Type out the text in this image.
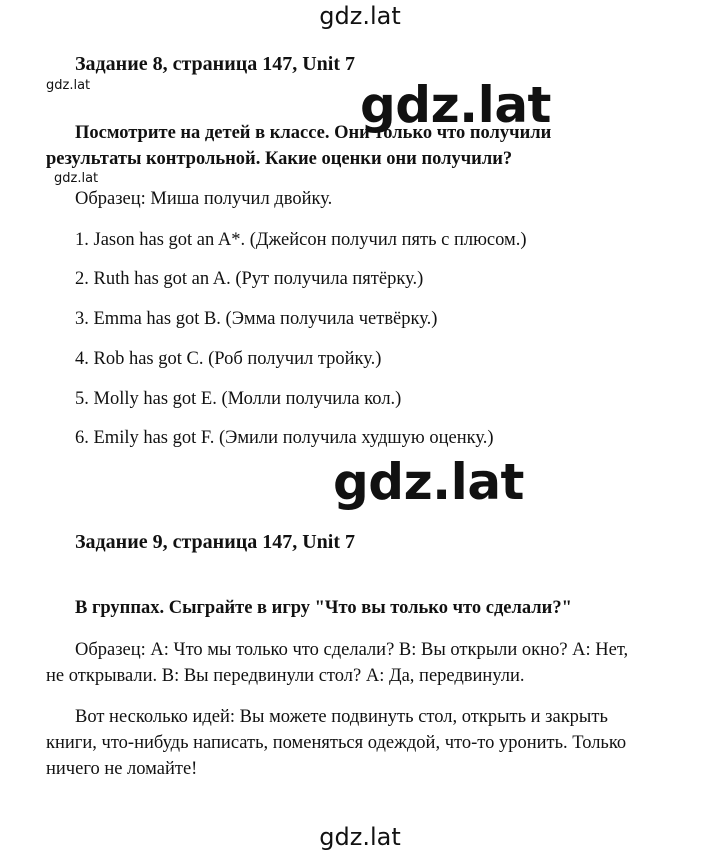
gdz.lat
Задание 8, страница 147, Unit 7
gdz.lat	gdz.lat
Посмотрите на детей в классе. Они только что получили
результаты контрольной. Какие оценки они получили?
gdz.lat
Образец: Миша получил двойку.
1. Jason has got an A*. (Джейсон получил пять с плюсом.)
2. Ruth has got an A. (Рут получила пятёрку.)
3. Emma has got B. (Эмма получила четвёрку.)
4. Rob has got C. (Роб получил тройку.)
5. Molly has got E. (Молли получила кол.)
6. Emily has got F. (Эмили получила худшую оценку.)
gdz.lat
Задание 9, страница 147, Unit 7
В группах. Сыграйте в игру "Что вы только что сделали?"
Образец: А: Что мы только что сделали? В: Вы открыли окно? А: Нет,
не открывали. В: Вы передвинули стол? А: Да, передвинули.
Вот несколько идей: Вы можете подвинуть стол, открыть и закрыть
книги, что-нибудь написать, поменяться одеждой, что-то уронить. Только
ничего не ломайте!
gdz.lat
